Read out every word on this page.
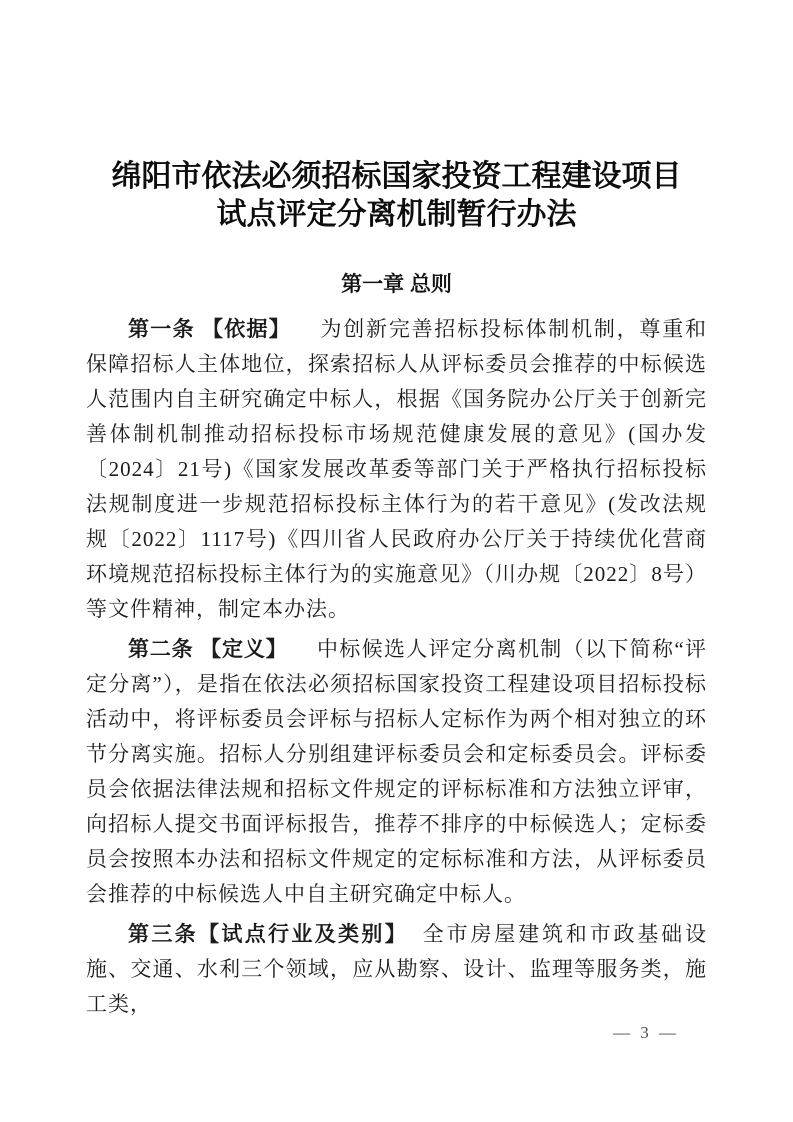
绵阳市依法必须招标国家投资工程建设项目
试点评定分离机制暂行办法
第一章 总则

第一条 【依据】 为创新完善招标投标体制机制，尊重和保障招标人主体地位，探索招标人从评标委员会推荐的中标候选人范围内自主研究确定中标人，根据《国务院办公厅关于创新完善体制机制推动招标投标市场规范健康发展的意见》(国办发〔2024〕21号)《国家发展改革委等部门关于严格执行招标投标法规制度进一步规范招标投标主体行为的若干意见》(发改法规规〔2022〕1117号)《四川省人民政府办公厅关于持续优化营商环境规范招标投标主体行为的实施意见》（川办规〔2022〕8号）等文件精神，制定本办法。

第二条 【定义】 中标候选人评定分离机制（以下简称“评定分离”），是指在依法必须招标国家投资工程建设项目招标投标活动中，将评标委员会评标与招标人定标作为两个相对独立的环节分离实施。招标人分别组建评标委员会和定标委员会。评标委员会依据法律法规和招标文件规定的评标标准和方法独立评审，向招标人提交书面评标报告，推荐不排序的中标候选人；定标委员会按照本办法和招标文件规定的定标标准和方法，从评标委员会推荐的中标候选人中自主研究确定中标人。

第三条【试点行业及类别】 全市房屋建筑和市政基础设施、交通、水利三个领域，应从勘察、设计、监理等服务类，施工类，

— 3 —
